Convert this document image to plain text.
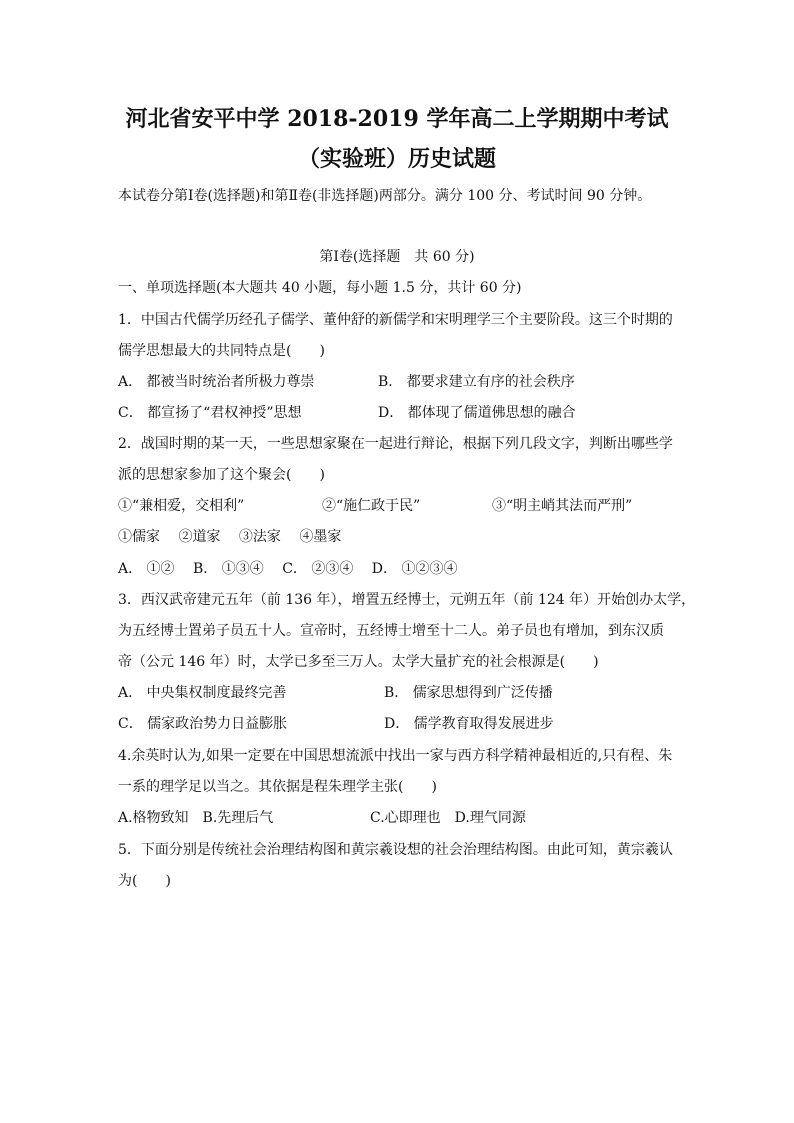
河北省安平中学 2018-2019 学年高二上学期期中考试
（实验班）历史试题
本试卷分第Ⅰ卷(选择题)和第Ⅱ卷(非选择题)两部分。满分 100 分、考试时间 90 分钟。
第Ⅰ卷(选择题　共 60 分)
一、单项选择题(本大题共 40 小题，每小题 1.5 分，共计 60 分)
1．中国古代儒学历经孔子儒学、董仲舒的新儒学和宋明理学三个主要阶段。这三个时期的
儒学思想最大的共同特点是(　　)
A． 都被当时统治者所极力尊崇	B． 都要求建立有序的社会秩序
C． 都宣扬了“君权神授”思想	D． 都体现了儒道佛思想的融合
2．战国时期的某一天，一些思想家聚在一起进行辩论，根据下列几段文字，判断出哪些学
派的思想家参加了这个聚会(　　)
①“兼相爱，交相利”	②“施仁政于民”	③“明主峭其法而严刑”
①儒家　 ②道家　 ③法家　 ④墨家
A． ①②　 B． ①③④　 C． ②③④　 D． ①②③④
3．西汉武帝建元五年（前 136 年），增置五经博士，元朔五年（前 124 年）开始创办太学，
为五经博士置弟子员五十人。宣帝时，五经博士增至十二人。弟子员也有增加，到东汉质
帝（公元 146 年）时，太学已多至三万人。太学大量扩充的社会根源是(　　)
A． 中央集权制度最终完善	B． 儒家思想得到广泛传播
C． 儒家政治势力日益膨胀	D． 儒学教育取得发展进步
4.余英时认为,如果一定要在中国思想流派中找出一家与西方科学精神最相近的,只有程、朱
一系的理学足以当之。其依据是程朱理学主张(　　)
A.格物致知　B.先理后气	C.心即理也　D.理气同源
5．下面分别是传统社会治理结构图和黄宗羲设想的社会治理结构图。由此可知，黄宗羲认
为(　　)
